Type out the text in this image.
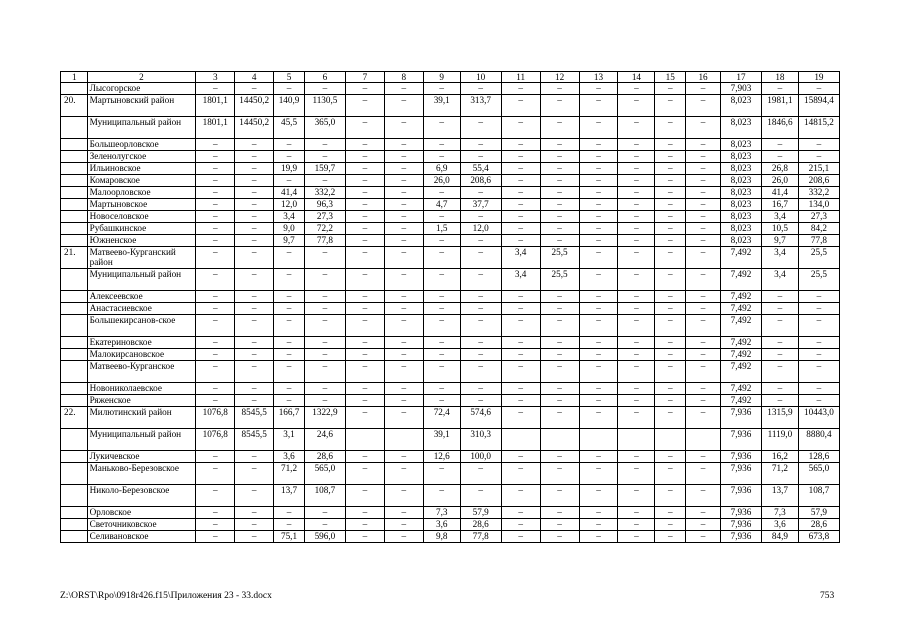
1	2	3	4	5	6	7	8	9	10	11	12	13	14	15	16	17	18	19
	Лысогорское	–	–	–	–	–	–	–	–	–	–	–	–	–	–	7,903	–	–
20.	Мартыновский район	1801,1	14450,2	140,9	1130,5	–	–	39,1	313,7	–	–	–	–	–	–	8,023	1981,1	15894,4
	Муниципальный район	1801,1	14450,2	45,5	365,0	–	–	–	–	–	–	–	–	–	–	8,023	1846,6	14815,2
	Большеорловское	–	–	–	–	–	–	–	–	–	–	–	–	–	–	8,023	–	–
	Зеленолугское	–	–	–	–	–	–	–	–	–	–	–	–	–	–	8,023	–	–
	Ильиновское	–	–	19,9	159,7	–	–	6,9	55,4	–	–	–	–	–	–	8,023	26,8	215,1
	Комаровское	–	–	–	–	–	–	26,0	208,6	–	–	–	–	–	–	8,023	26,0	208,6
	Малоорловское	–	–	41,4	332,2	–	–	–	–	–	–	–	–	–	–	8,023	41,4	332,2
	Мартыновское	–	–	12,0	96,3	–	–	4,7	37,7	–	–	–	–	–	–	8,023	16,7	134,0
	Новоселовское	–	–	3,4	27,3	–	–	–	–	–	–	–	–	–	–	8,023	3,4	27,3
	Рубашкинское	–	–	9,0	72,2	–	–	1,5	12,0	–	–	–	–	–	–	8,023	10,5	84,2
	Южненское	–	–	9,7	77,8	–	–	–	–	–	–	–	–	–	–	8,023	9,7	77,8
21.	Матвеево-Курганский район	–	–	–	–	–	–	–	–	3,4	25,5	–	–	–	–	7,492	3,4	25,5
	Муниципальный район	–	–	–	–	–	–	–	–	3,4	25,5	–	–	–	–	7,492	3,4	25,5
	Алексеевское	–	–	–	–	–	–	–	–	–	–	–	–	–	–	7,492	–	–
	Анастасиевское	–	–	–	–	–	–	–	–	–	–	–	–	–	–	7,492	–	–
	Большекирсанов-ское	–	–	–	–	–	–	–	–	–	–	–	–	–	–	7,492	–	–
	Екатериновское	–	–	–	–	–	–	–	–	–	–	–	–	–	–	7,492	–	–
	Малокирсановское	–	–	–	–	–	–	–	–	–	–	–	–	–	–	7,492	–	–
	Матвеево-Курганское	–	–	–	–	–	–	–	–	–	–	–	–	–	–	7,492	–	–
	Новониколаевское	–	–	–	–	–	–	–	–	–	–	–	–	–	–	7,492	–	–
	Ряженское	–	–	–	–	–	–	–	–	–	–	–	–	–	–	7,492	–	–
22.	Милютинский район	1076,8	8545,5	166,7	1322,9	–	–	72,4	574,6	–	–	–	–	–	–	7,936	1315,9	10443,0
	Муниципальный район	1076,8	8545,5	3,1	24,6			39,1	310,3							7,936	1119,0	8880,4
	Лукичевское	–	–	3,6	28,6	–	–	12,6	100,0	–	–	–	–	–	–	7,936	16,2	128,6
	Маньково-Березовское	–	–	71,2	565,0	–	–	–	–	–	–	–	–	–	–	7,936	71,2	565,0
	Николо-Березовское	–	–	13,7	108,7	–	–	–	–	–	–	–	–	–	–	7,936	13,7	108,7
	Орловское	–	–	–	–	–	–	7,3	57,9	–	–	–	–	–	–	7,936	7,3	57,9
	Светочниковское	–	–	–	–	–	–	3,6	28,6	–	–	–	–	–	–	7,936	3,6	28,6
	Селивановское	–	–	75,1	596,0	–	–	9,8	77,8	–	–	–	–	–	–	7,936	84,9	673,8
Z:\ORST\Rpo\0918r426.f15\Приложения 23 - 33.docx	753
